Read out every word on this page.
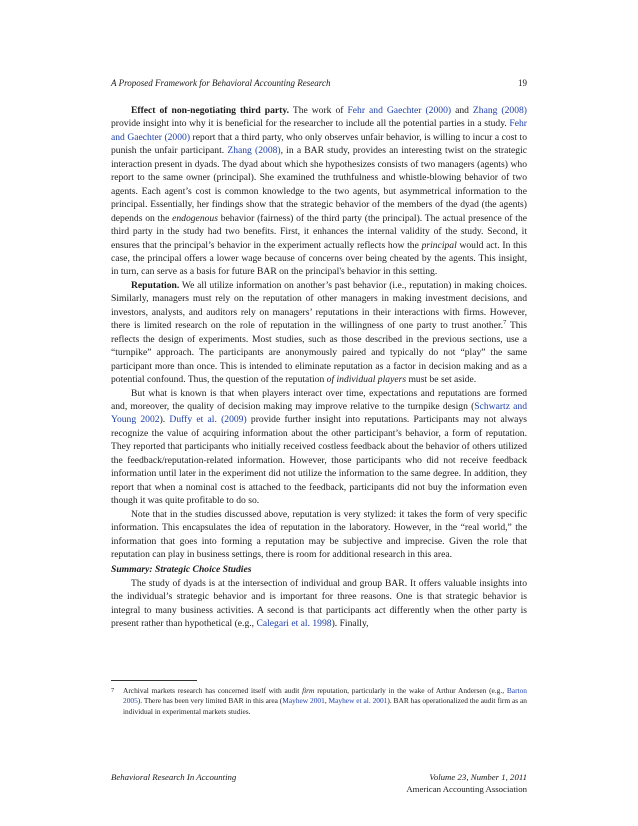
A Proposed Framework for Behavioral Accounting Research	19

Effect of non-negotiating third party. The work of Fehr and Gaechter (2000) and Zhang (2008) provide insight into why it is beneficial for the researcher to include all the potential parties in a study. Fehr and Gaechter (2000) report that a third party, who only observes unfair behavior, is willing to incur a cost to punish the unfair participant. Zhang (2008), in a BAR study, provides an interesting twist on the strategic interaction present in dyads. The dyad about which she hypothesizes consists of two managers (agents) who report to the same owner (principal). She examined the truthfulness and whistle-blowing behavior of two agents. Each agent’s cost is common knowledge to the two agents, but asymmetrical information to the principal. Essentially, her findings show that the strategic behavior of the members of the dyad (the agents) depends on the endogenous behavior (fairness) of the third party (the principal). The actual presence of the third party in the study had two benefits. First, it enhances the internal validity of the study. Second, it ensures that the principal’s behavior in the experiment actually reflects how the principal would act. In this case, the principal offers a lower wage because of concerns over being cheated by the agents. This insight, in turn, can serve as a basis for future BAR on the principal's behavior in this setting.

Reputation. We all utilize information on another’s past behavior (i.e., reputation) in making choices. Similarly, managers must rely on the reputation of other managers in making investment decisions, and investors, analysts, and auditors rely on managers’ reputations in their interactions with firms. However, there is limited research on the role of reputation in the willingness of one party to trust another.$^7$ This reflects the design of experiments. Most studies, such as those described in the previous sections, use a “turnpike” approach. The participants are anonymously paired and typically do not “play” the same participant more than once. This is intended to eliminate reputation as a factor in decision making and as a potential confound. Thus, the question of the reputation of individual players must be set aside.

But what is known is that when players interact over time, expectations and reputations are formed and, moreover, the quality of decision making may improve relative to the turnpike design (Schwartz and Young 2002). Duffy et al. (2009) provide further insight into reputations. Participants may not always recognize the value of acquiring information about the other participant’s behavior, a form of reputation. They reported that participants who initially received costless feedback about the behavior of others utilized the feedback/reputation-related information. However, those participants who did not receive feedback information until later in the experiment did not utilize the information to the same degree. In addition, they report that when a nominal cost is attached to the feedback, participants did not buy the information even though it was quite profitable to do so.

Note that in the studies discussed above, reputation is very stylized: it takes the form of very specific information. This encapsulates the idea of reputation in the laboratory. However, in the “real world,” the information that goes into forming a reputation may be subjective and imprecise. Given the role that reputation can play in business settings, there is room for additional research in this area.

Summary: Strategic Choice Studies

The study of dyads is at the intersection of individual and group BAR. It offers valuable insights into the individual’s strategic behavior and is important for three reasons. One is that strategic behavior is integral to many business activities. A second is that participants act differently when the other party is present rather than hypothetical (e.g., Calegari et al. 1998). Finally,

7	Archival markets research has concerned itself with audit firm reputation, particularly in the wake of Arthur Andersen (e.g., Barton 2005). There has been very limited BAR in this area (Mayhew 2001, Mayhew et al. 2001). BAR has operationalized the audit firm as an individual in experimental markets studies.
Behavioral Research In Accounting	Volume 23, Number 1, 2011
American Accounting Association
